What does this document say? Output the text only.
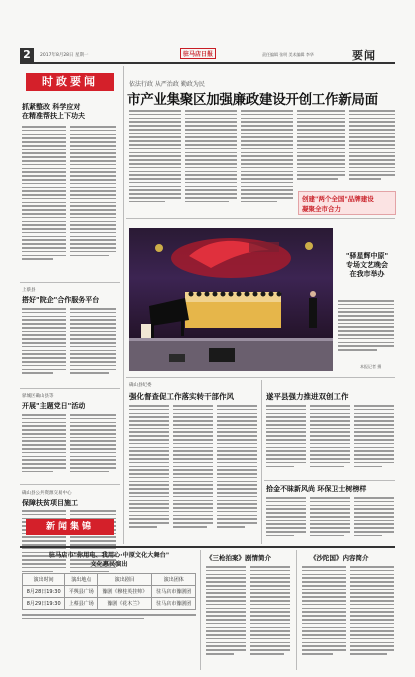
2	2017年8月28日 星期一	驻马店日报	责任编辑 张明 美术编辑 李华	要闻
时政要闻
抓紧整改 科学应对
在精准帮扶上下功夫
上蔡县
搭好"院企"合作服务平台
驿城区确山县等
开展"主题党日"活动
确山县公共资源交易中心
保障扶贫项目施工
新闻集锦
依法行政 从严治政 勤政为民
市产业集聚区加强廉政建设开创工作新局面
创建"两个全国"品牌建设
凝聚全市合力
"驿星辉中原"
专场文艺晚会
在我市举办
本报记者 摄
确山县纪委
强化督查促工作落实转干部作风	遂平县强力推进双创工作
拾金不昧新风尚 环保卫士树榜样
驻马店市"你用电、我用心·中原文化大舞台"
文化惠民演出
演出时间	演出地点	演出剧目	演出团体
8月28日19:30	平舆县广场	豫剧《穆桂英挂帅》	驻马店市豫剧团
8月29日19:30	上蔡县广场	豫剧《花木兰》	驻马店市豫剧团
《三枪拍案》剧情简介	《沙陀国》内容简介
